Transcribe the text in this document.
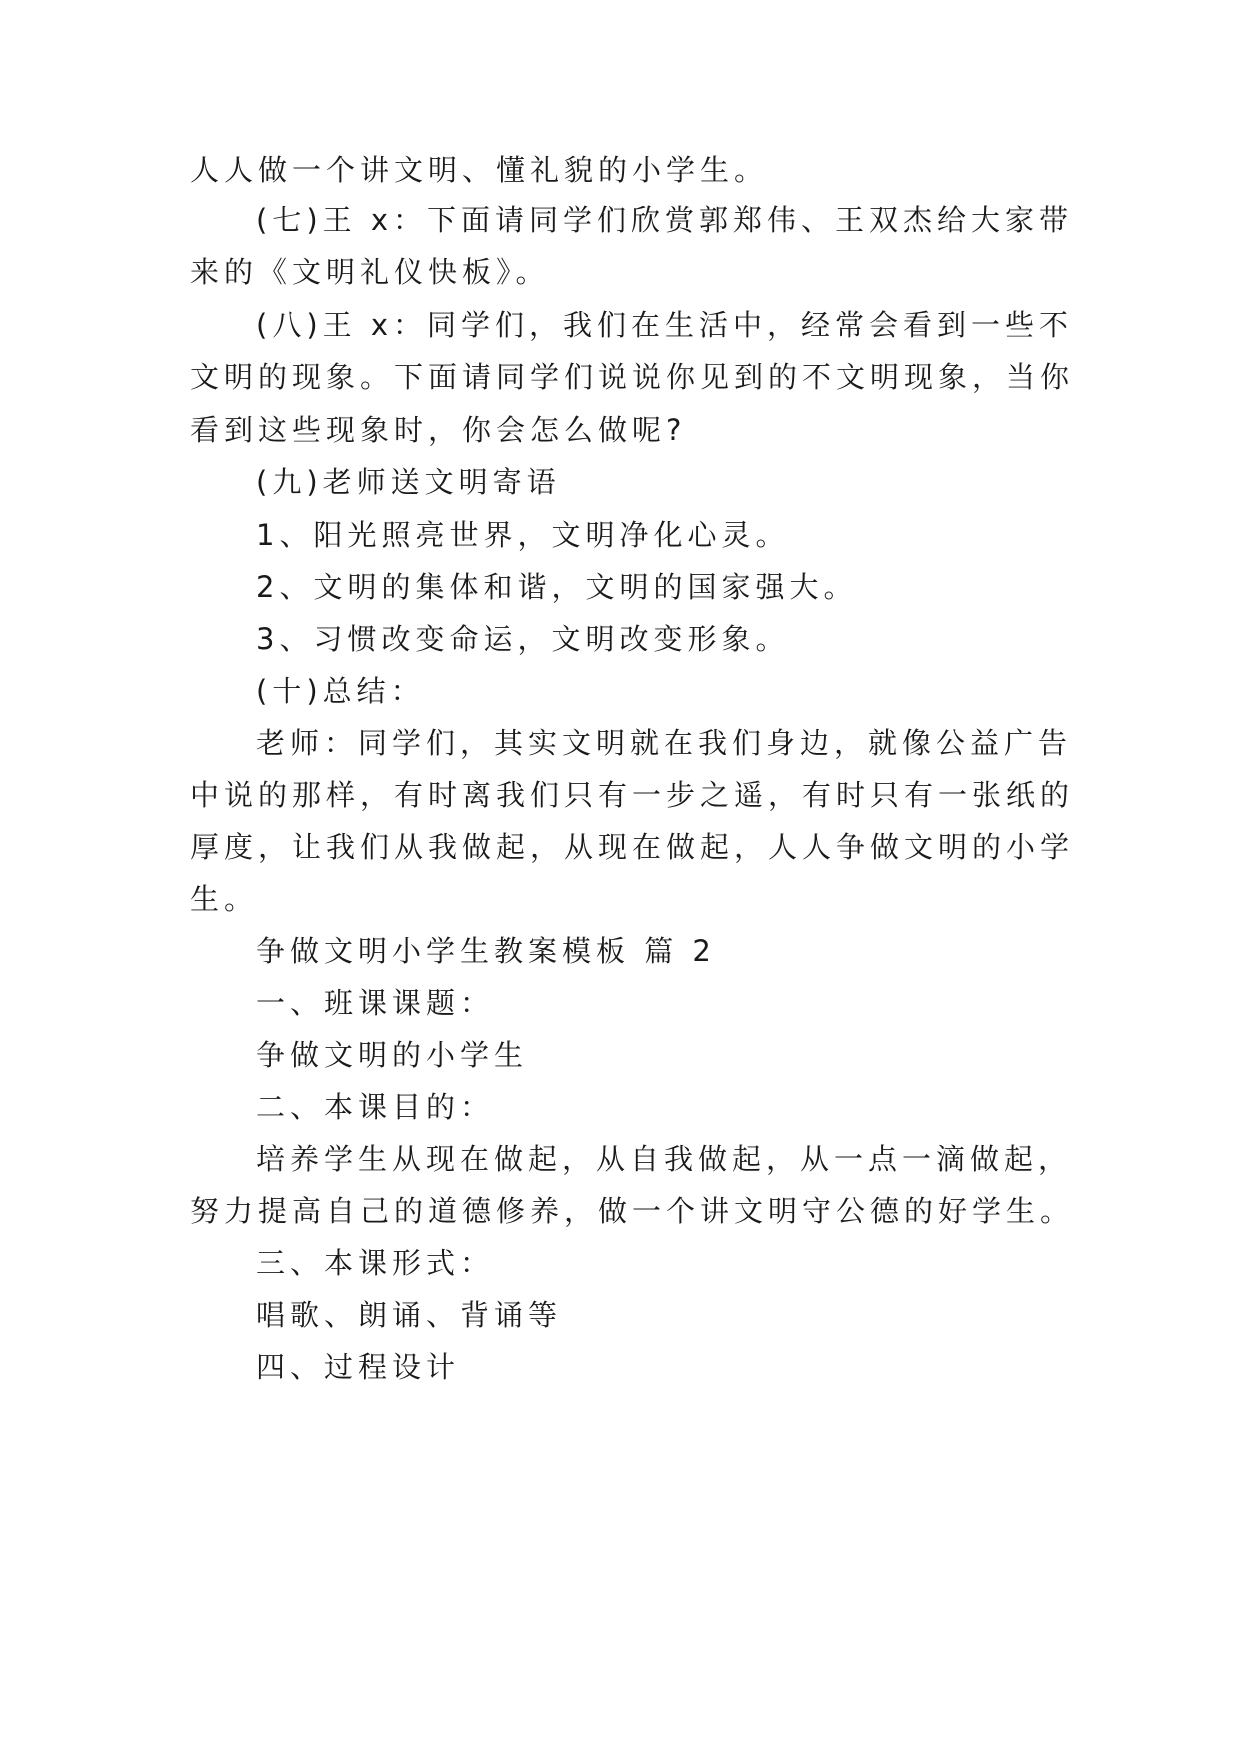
人人做一个讲文明、懂礼貌的小学生。
(七)王 x：下面请同学们欣赏郭郑伟、王双杰给大家带
来的《文明礼仪快板》。
(八)王 x：同学们，我们在生活中，经常会看到一些不
文明的现象。下面请同学们说说你见到的不文明现象，当你
看到这些现象时，你会怎么做呢?
(九)老师送文明寄语
1、阳光照亮世界，文明净化心灵。
2、文明的集体和谐，文明的国家强大。
3、习惯改变命运，文明改变形象。
(十)总结：
老师：同学们，其实文明就在我们身边，就像公益广告
中说的那样，有时离我们只有一步之遥，有时只有一张纸的
厚度，让我们从我做起，从现在做起，人人争做文明的小学
生。
争做文明小学生教案模板 篇 2
一、班课课题：
争做文明的小学生
二、本课目的：
培养学生从现在做起，从自我做起，从一点一滴做起，
努力提高自己的道德修养，做一个讲文明守公德的好学生。
三、本课形式：
唱歌、朗诵、背诵等
四、过程设计
